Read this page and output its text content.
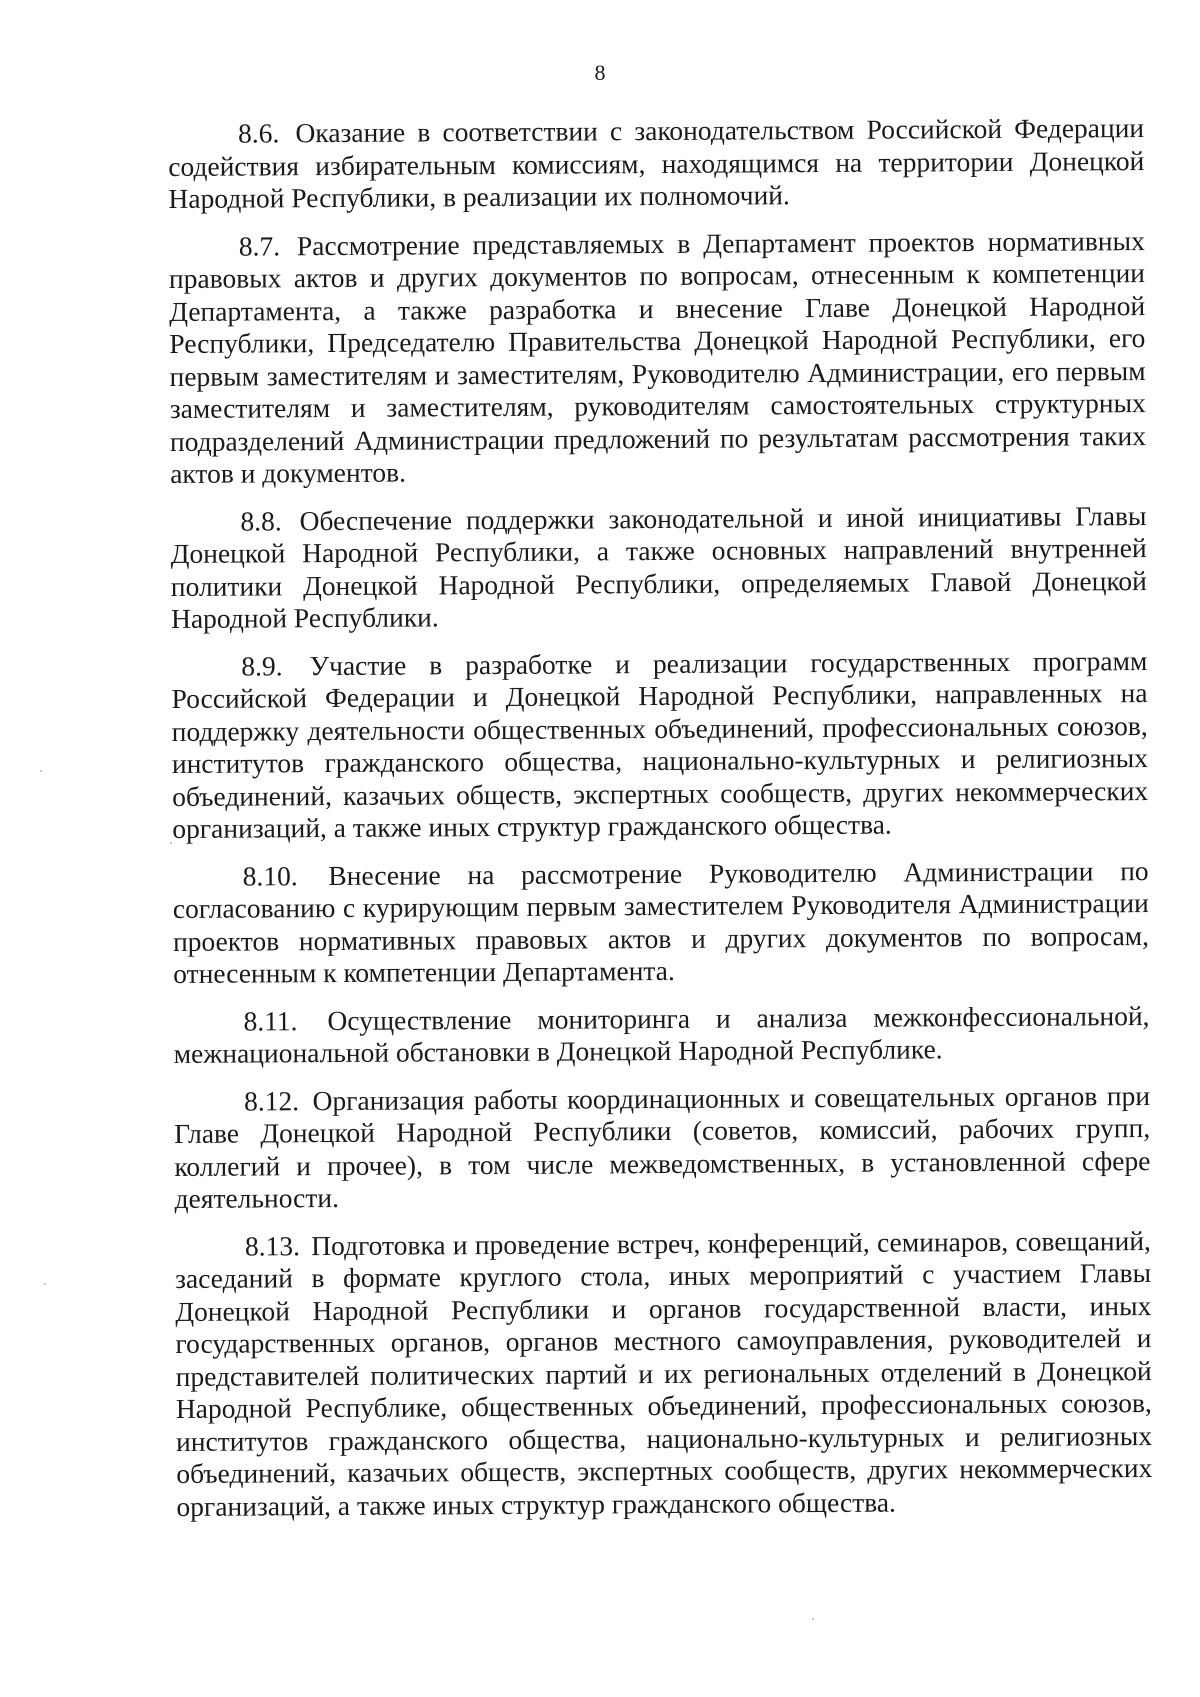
8

8.6. Оказание в соответствии с законодательством Российской Федерации содействия избирательным комиссиям, находящимся на территории Донецкой Народной Республики, в реализации их полномочий.

8.7. Рассмотрение представляемых в Департамент проектов нормативных правовых актов и других документов по вопросам, отнесенным к компетенции Департамента, а также разработка и внесение Главе Донецкой Народной Республики, Председателю Правительства Донецкой Народной Республики, его первым заместителям и заместителям, Руководителю Администрации, его первым заместителям и заместителям, руководителям самостоятельных структурных подразделений Администрации предложений по результатам рассмотрения таких актов и документов.

8.8. Обеспечение поддержки законодательной и иной инициативы Главы Донецкой Народной Республики, а также основных направлений внутренней политики Донецкой Народной Республики, определяемых Главой Донецкой Народной Республики.

8.9. Участие в разработке и реализации государственных программ Российской Федерации и Донецкой Народной Республики, направленных на поддержку деятельности общественных объединений, профессиональных союзов, институтов гражданского общества, национально-культурных и религиозных объединений, казачьих обществ, экспертных сообществ, других некоммерческих организаций, а также иных структур гражданского общества.

8.10. Внесение на рассмотрение Руководителю Администрации по согласованию с курирующим первым заместителем Руководителя Администрации проектов нормативных правовых актов и других документов по вопросам, отнесенным к компетенции Департамента.

8.11. Осуществление мониторинга и анализа межконфессиональной, межнациональной обстановки в Донецкой Народной Республике.

8.12. Организация работы координационных и совещательных органов при Главе Донецкой Народной Республики (советов, комиссий, рабочих групп, коллегий и прочее), в том числе межведомственных, в установленной сфере деятельности.

8.13. Подготовка и проведение встреч, конференций, семинаров, совещаний, заседаний в формате круглого стола, иных мероприятий с участием Главы Донецкой Народной Республики и органов государственной власти, иных государственных органов, органов местного самоуправления, руководителей и представителей политических партий и их региональных отделений в Донецкой Народной Республике, общественных объединений, профессиональных союзов, институтов гражданского общества, национально-культурных и религиозных объединений, казачьих обществ, экспертных сообществ, других некоммерческих организаций, а также иных структур гражданского общества.
